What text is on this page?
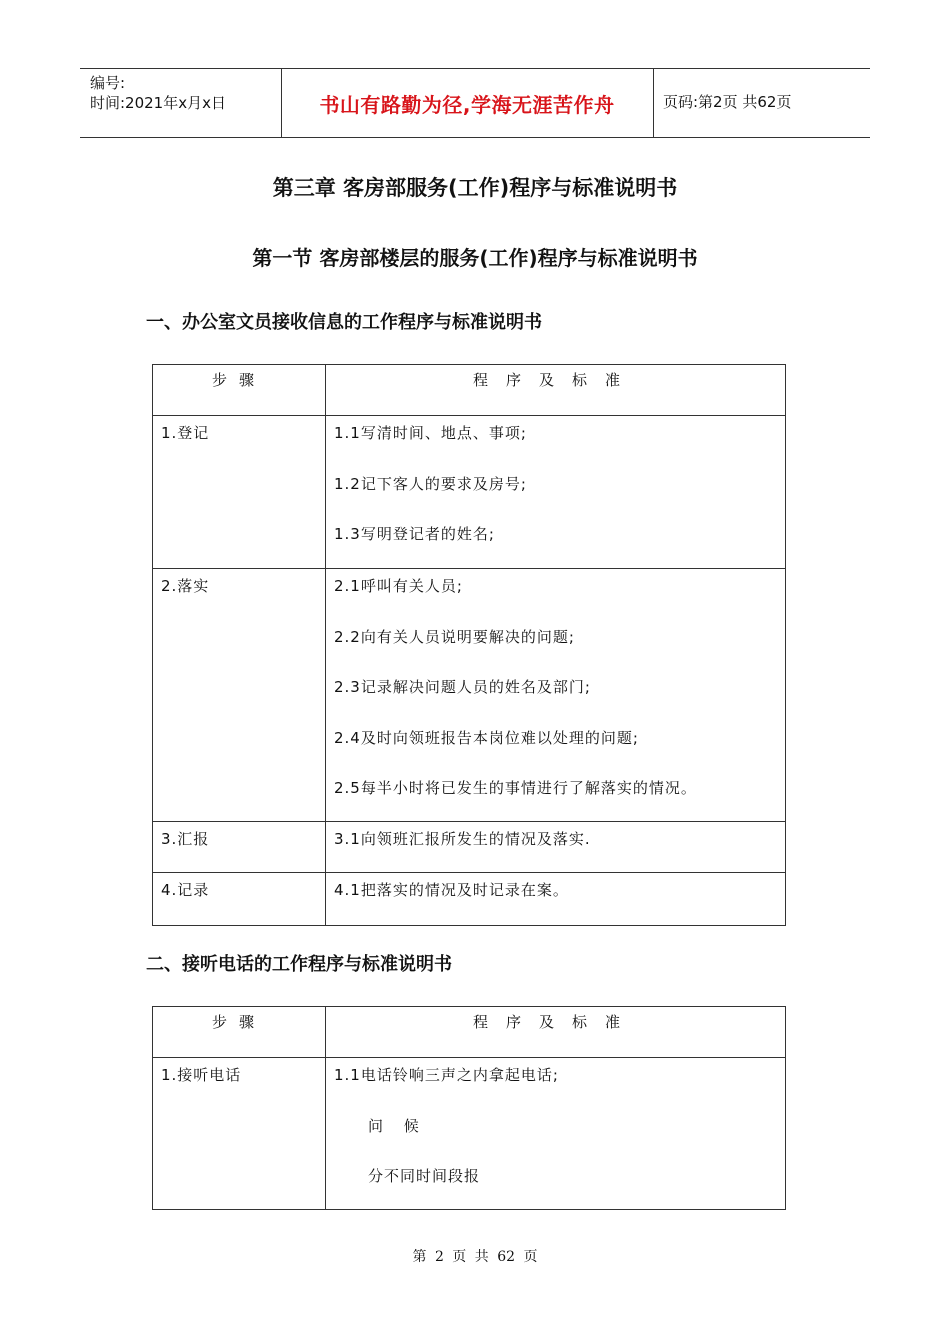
编号:
时间:2021年x月x日	书山有路勤为径,学海无涯苦作舟	页码:第2页 共62页
第三章 客房部服务(工作)程序与标准说明书
第一节 客房部楼层的服务(工作)程序与标准说明书
一、办公室文员接收信息的工作程序与标准说明书
步骤	程序及标准
1.登记	1.1写清时间、地点、事项;
1.2记下客人的要求及房号;
1.3写明登记者的姓名;
2.落实	2.1呼叫有关人员;
2.2向有关人员说明要解决的问题;
2.3记录解决问题人员的姓名及部门;
2.4及时向领班报告本岗位难以处理的问题;
2.5每半小时将已发生的事情进行了解落实的情况。
3.汇报	3.1向领班汇报所发生的情况及落实.
4.记录	4.1把落实的情况及时记录在案。
二、接听电话的工作程序与标准说明书
步骤	程序及标准
1.接听电话	1.1电话铃响三声之内拿起电话;
问 候
分不同时间段报
第 2 页 共 62 页
